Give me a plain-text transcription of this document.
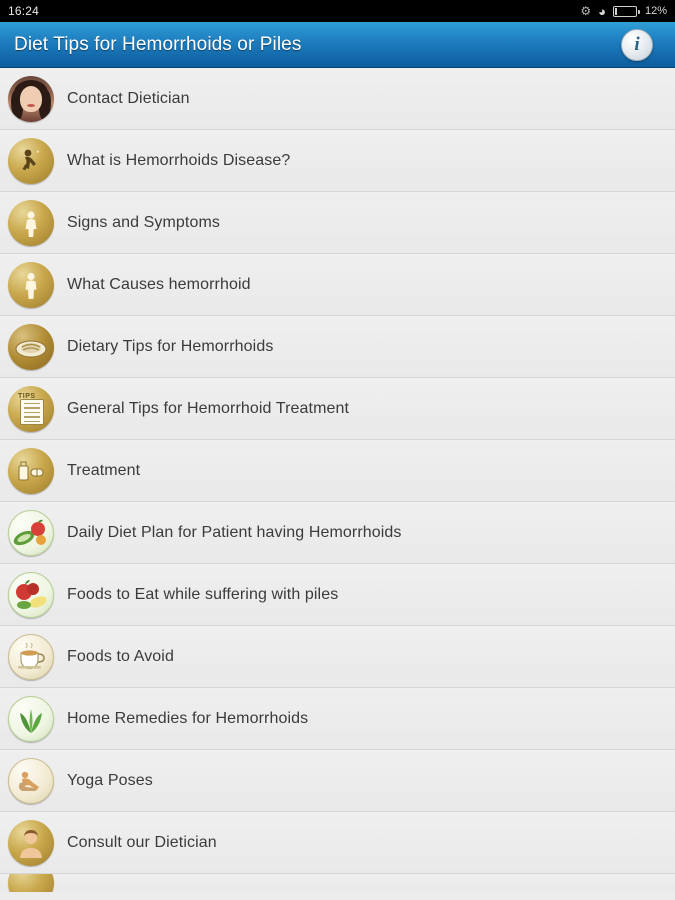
16:24	⚙ ◕	12%
Diet Tips for Hemorrhoids or Piles	i
Contact Dietician
What is Hemorrhoids Disease?
Signs and Symptoms
What Causes hemorrhoid
Dietary Tips for Hemorrhoids
TIPS
General Tips for Hemorrhoid Treatment
Treatment
Daily Diet Plan for Patient having Hemorrhoids
Foods to Eat while suffering with piles
Foods to Avoid
Home Remedies for Hemorrhoids
Yoga Poses
Consult our Dietician
